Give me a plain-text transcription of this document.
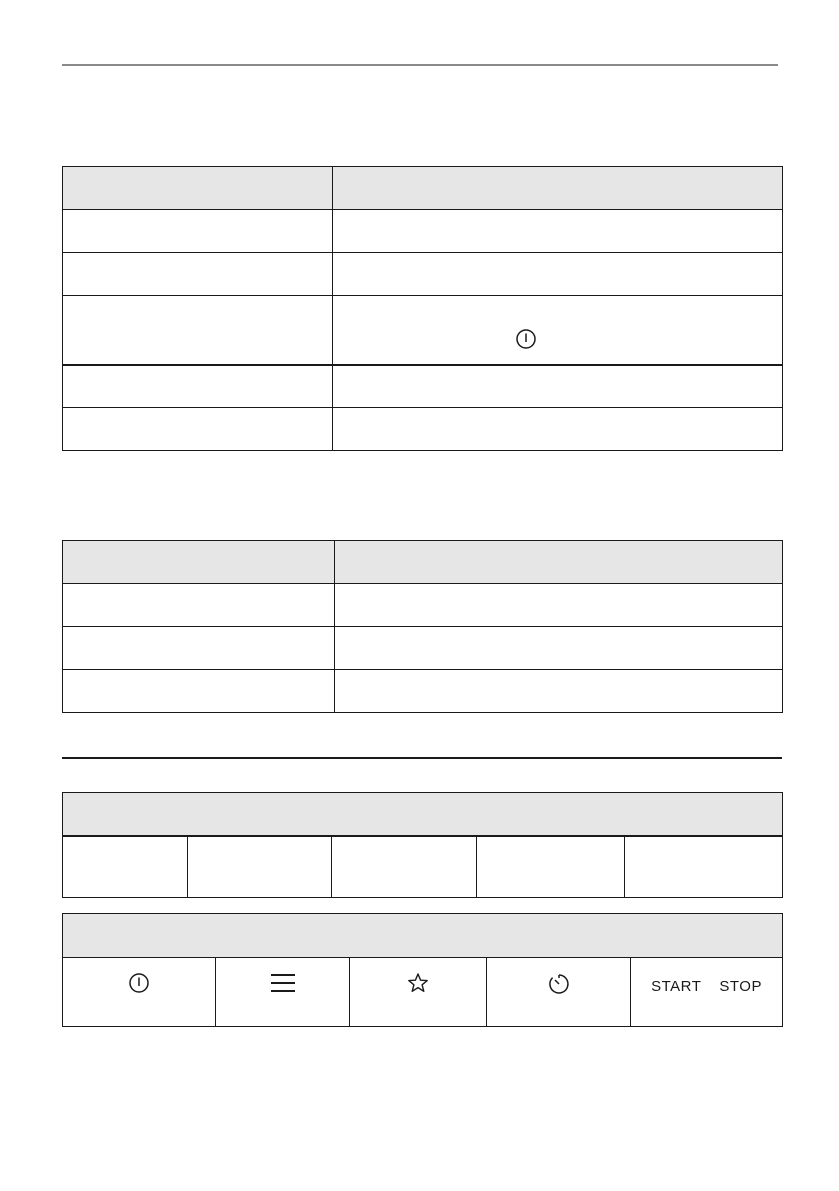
START STOP
